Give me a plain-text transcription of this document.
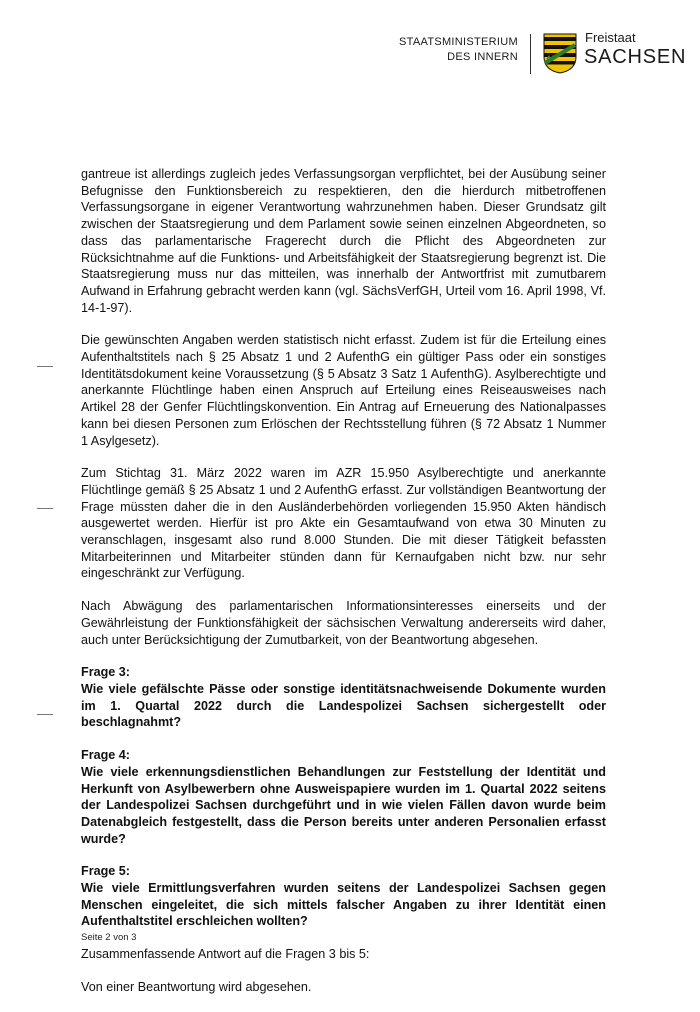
STAATSMINISTERIUM
DES INNERN
Freistaat
SACHSEN

gantreue ist allerdings zugleich jedes Verfassungsorgan verpflichtet, bei der Ausübung seiner Befugnisse den Funktionsbereich zu respektieren, den die hierdurch mitbetroffenen Verfassungsorgane in eigener Verantwortung wahrzunehmen haben. Dieser Grundsatz gilt zwischen der Staatsregierung und dem Parlament sowie seinen einzelnen Abgeordneten, so dass das parlamentarische Fragerecht durch die Pflicht des Abgeordneten zur Rücksichtnahme auf die Funktions- und Arbeitsfähigkeit der Staatsregierung begrenzt ist. Die Staatsregierung muss nur das mitteilen, was innerhalb der Antwortfrist mit zumutbarem Aufwand in Erfahrung gebracht werden kann (vgl. SächsVerfGH, Urteil vom 16. April 1998, Vf. 14-1-97).

Die gewünschten Angaben werden statistisch nicht erfasst. Zudem ist für die Erteilung eines Aufenthaltstitels nach § 25 Absatz 1 und 2 AufenthG ein gültiger Pass oder ein sonstiges Identitätsdokument keine Voraussetzung (§ 5 Absatz 3 Satz 1 AufenthG). Asylberechtigte und anerkannte Flüchtlinge haben einen Anspruch auf Erteilung eines Reiseausweises nach Artikel 28 der Genfer Flüchtlingskonvention. Ein Antrag auf Erneuerung des Nationalpasses kann bei diesen Personen zum Erlöschen der Rechtsstellung führen (§ 72 Absatz 1 Nummer 1 Asylgesetz).

Zum Stichtag 31. März 2022 waren im AZR 15.950 Asylberechtigte und anerkannte Flüchtlinge gemäß § 25 Absatz 1 und 2 AufenthG erfasst. Zur vollständigen Beantwortung der Frage müssten daher die in den Ausländerbehörden vorliegenden 15.950 Akten händisch ausgewertet werden. Hierfür ist pro Akte ein Gesamtaufwand von etwa 30 Minuten zu veranschlagen, insgesamt also rund 8.000 Stunden. Die mit dieser Tätigkeit befassten Mitarbeiterinnen und Mitarbeiter stünden dann für Kernaufgaben nicht bzw. nur sehr eingeschränkt zur Verfügung.

Nach Abwägung des parlamentarischen Informationsinteresses einerseits und der Gewährleistung der Funktionsfähigkeit der sächsischen Verwaltung andererseits wird daher, auch unter Berücksichtigung der Zumutbarkeit, von der Beantwortung abgesehen.

Frage 3:
Wie viele gefälschte Pässe oder sonstige identitätsnachweisende Dokumente wurden im 1. Quartal 2022 durch die Landespolizei Sachsen sichergestellt oder beschlagnahmt?

Frage 4:
Wie viele erkennungsdienstlichen Behandlungen zur Feststellung der Identität und Herkunft von Asylbewerbern ohne Ausweispapiere wurden im 1. Quartal 2022 seitens der Landespolizei Sachsen durchgeführt und in wie vielen Fällen davon wurde beim Datenabgleich festgestellt, dass die Person bereits unter anderen Personalien erfasst wurde?

Frage 5:
Wie viele Ermittlungsverfahren wurden seitens der Landespolizei Sachsen gegen Menschen eingeleitet, die sich mittels falscher Angaben zu ihrer Identität einen Aufenthaltstitel erschleichen wollten?

Zusammenfassende Antwort auf die Fragen 3 bis 5:

Von einer Beantwortung wird abgesehen.

Seite 2 von 3
